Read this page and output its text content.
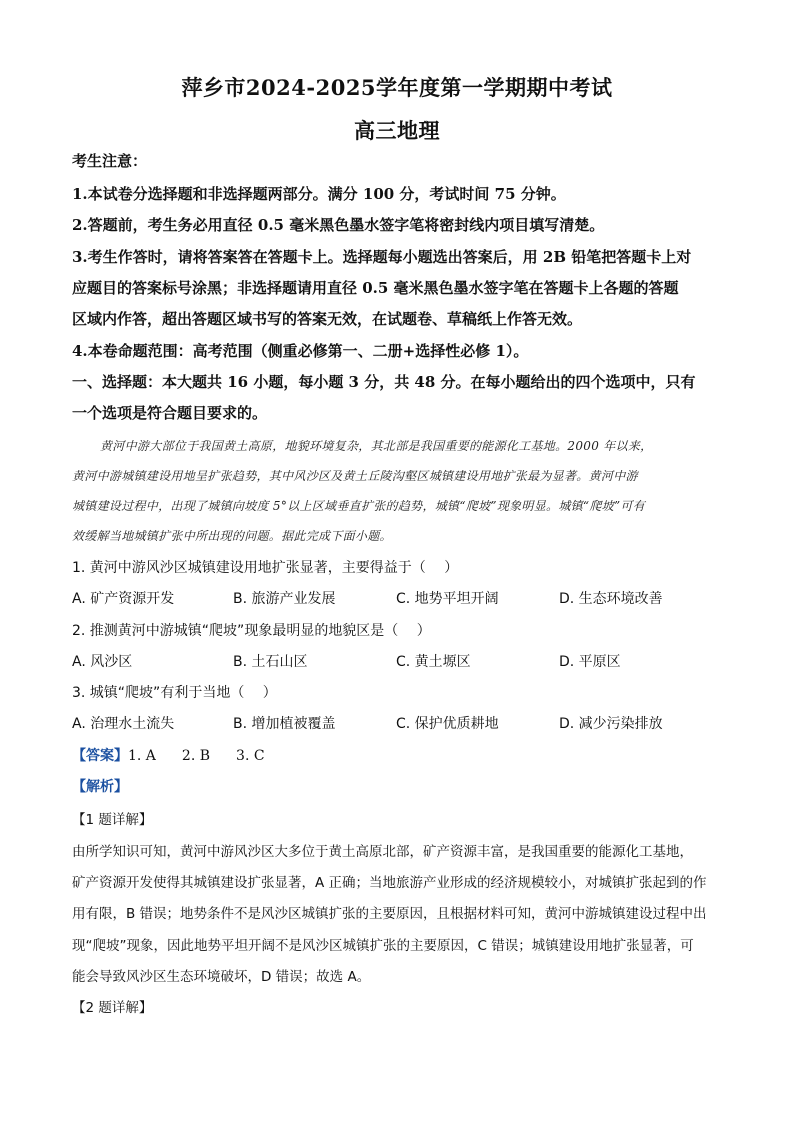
萍乡市2024-2025学年度第一学期期中考试
高三地理
考生注意：
1.本试卷分选择题和非选择题两部分。满分 100 分，考试时间 75 分钟。
2.答题前，考生务必用直径 0.5 毫米黑色墨水签字笔将密封线内项目填写清楚。
3.考生作答时，请将答案答在答题卡上。选择题每小题选出答案后，用 2B 铅笔把答题卡上对
应题目的答案标号涂黑；非选择题请用直径 0.5 毫米黑色墨水签字笔在答题卡上各题的答题
区域内作答，超出答题区域书写的答案无效，在试题卷、草稿纸上作答无效。
4.本卷命题范围：高考范围（侧重必修第一、二册+选择性必修 1）。
一、选择题：本大题共 16 小题，每小题 3 分，共 48 分。在每小题给出的四个选项中，只有
一个选项是符合题目要求的。
黄河中游大部位于我国黄土高原，地貌环境复杂，其北部是我国重要的能源化工基地。2000 年以来，
黄河中游城镇建设用地呈扩张趋势，其中风沙区及黄土丘陵沟壑区城镇建设用地扩张最为显著。黄河中游
城镇建设过程中，出现了城镇向坡度 5°以上区域垂直扩张的趋势，城镇“爬坡”现象明显。城镇“爬坡”可有
效缓解当地城镇扩张中所出现的问题。据此完成下面小题。
1. 黄河中游风沙区城镇建设用地扩张显著，主要得益于（　 ）
A. 矿产资源开发	B. 旅游产业发展	C. 地势平坦开阔	D. 生态环境改善
2. 推测黄河中游城镇“爬坡”现象最明显的地貌区是（　 ）
A. 风沙区	B. 土石山区	C. 黄土塬区	D. 平原区
3. 城镇“爬坡”有利于当地（　 ）
A. 治理水土流失	B. 增加植被覆盖	C. 保护优质耕地	D. 减少污染排放
【答案】1. A 2. B 3. C
【解析】
【1 题详解】
由所学知识可知，黄河中游风沙区大多位于黄土高原北部，矿产资源丰富，是我国重要的能源化工基地，
矿产资源开发使得其城镇建设扩张显著，A 正确；当地旅游产业形成的经济规模较小，对城镇扩张起到的作
用有限，B 错误；地势条件不是风沙区城镇扩张的主要原因，且根据材料可知，黄河中游城镇建设过程中出
现“爬坡”现象，因此地势平坦开阔不是风沙区城镇扩张的主要原因，C 错误；城镇建设用地扩张显著，可
能会导致风沙区生态环境破坏，D 错误；故选 A。
【2 题详解】
